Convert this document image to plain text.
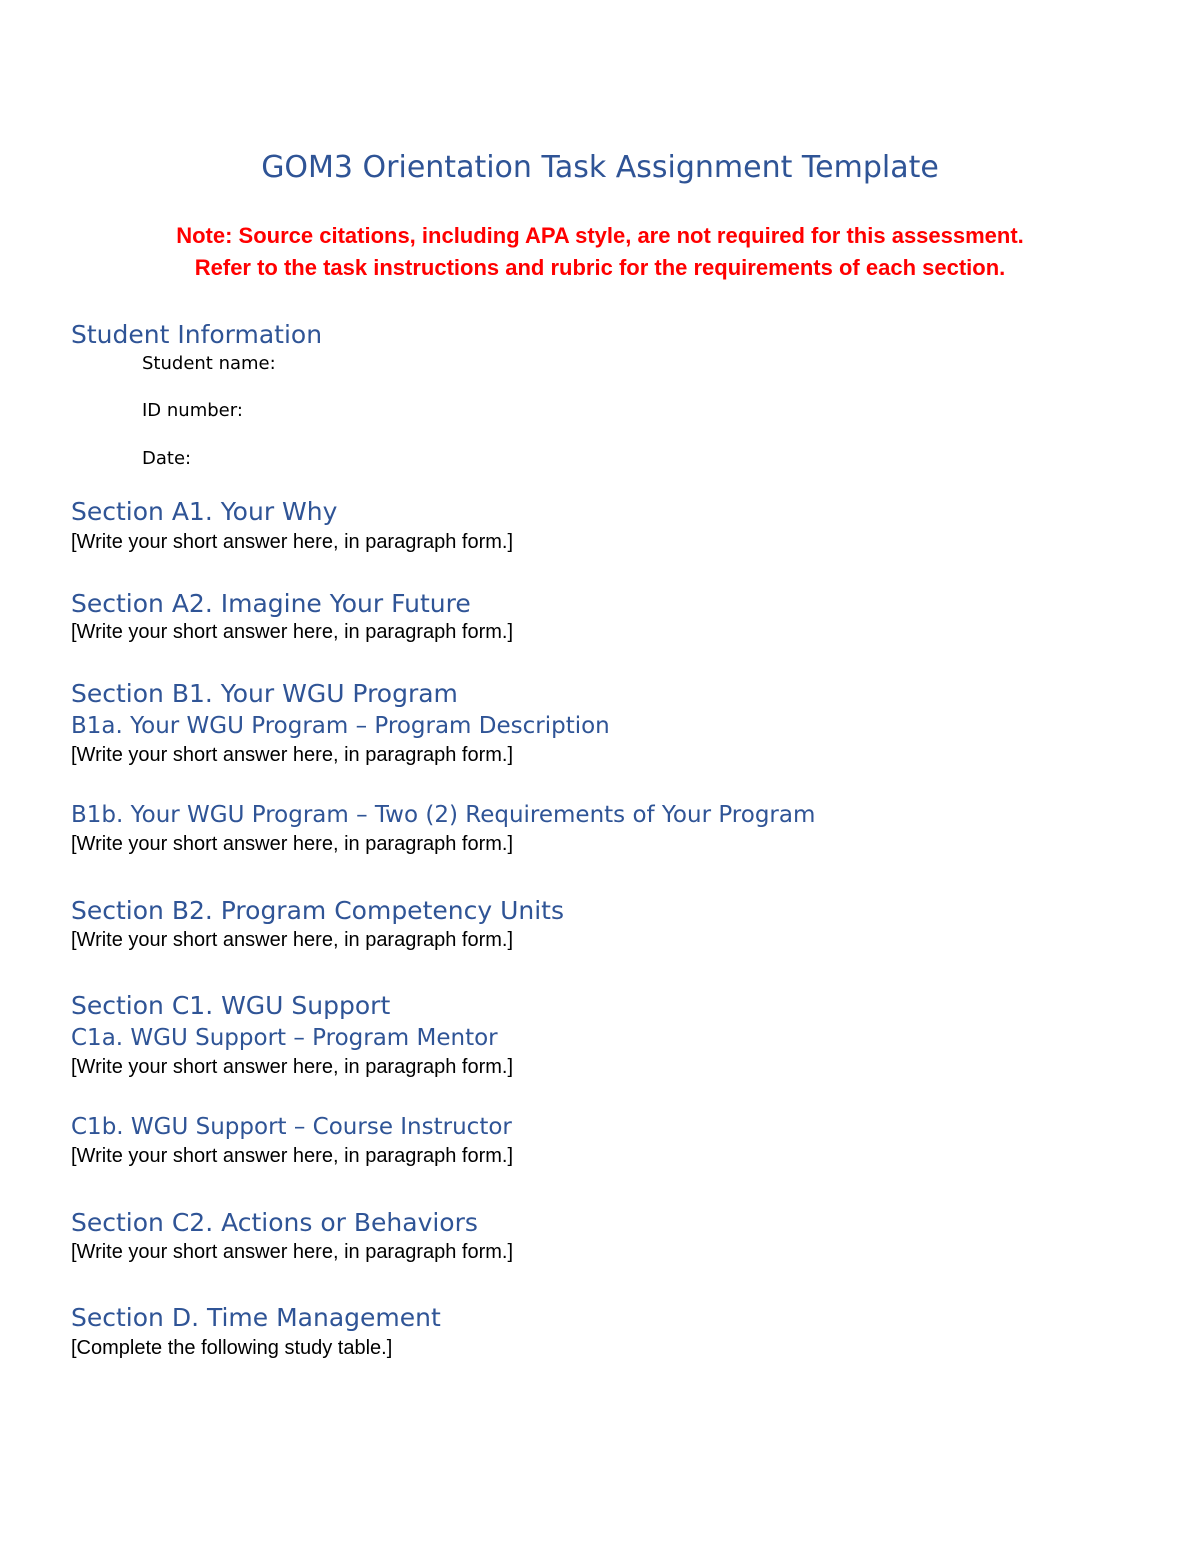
GOM3 Orientation Task Assignment Template
Note: Source citations, including APA style, are not required for this assessment.
Refer to the task instructions and rubric for the requirements of each section.
Student Information
Student name:
ID number:
Date:
Section A1. Your Why
[Write your short answer here, in paragraph form.]
Section A2. Imagine Your Future
[Write your short answer here, in paragraph form.]
Section B1. Your WGU Program
B1a. Your WGU Program – Program Description
[Write your short answer here, in paragraph form.]
B1b. Your WGU Program – Two (2) Requirements of Your Program
[Write your short answer here, in paragraph form.]
Section B2. Program Competency Units
[Write your short answer here, in paragraph form.]
Section C1. WGU Support
C1a. WGU Support – Program Mentor
[Write your short answer here, in paragraph form.]
C1b. WGU Support – Course Instructor
[Write your short answer here, in paragraph form.]
Section C2. Actions or Behaviors
[Write your short answer here, in paragraph form.]
Section D. Time Management
[Complete the following study table.]
